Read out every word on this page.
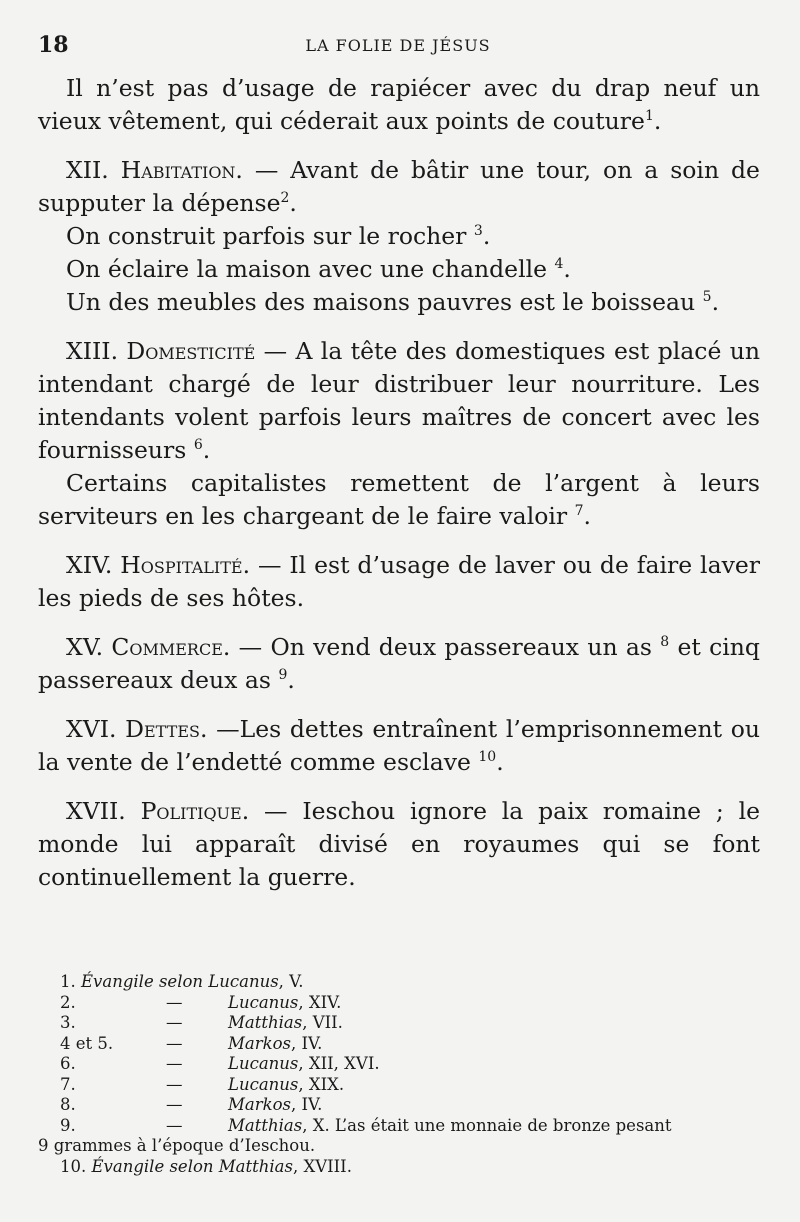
18	LA FOLIE DE JÉSUS

Il n’est pas d’usage de rapiécer avec du drap neuf un vieux vêtement, qui céderait aux points de couture$^1$.

XII. Habitation. — Avant de bâtir une tour, on a soin de supputer la dépense$^2$.

On construit parfois sur le rocher $^3$.

On éclaire la maison avec une chandelle $^4$.

Un des meubles des maisons pauvres est le boisseau $^5$.

XIII. Domesticité — A la tête des domestiques est placé un intendant chargé de leur distribuer leur nourriture. Les intendants volent parfois leurs maîtres de concert avec les fournisseurs $^6$.

Certains capitalistes remettent de l’argent à leurs serviteurs en les chargeant de le faire valoir $^7$.

XIV. Hospitalité. — Il est d’usage de laver ou de faire laver les pieds de ses hôtes.

XV. Commerce. — On vend deux passereaux un as $^8$ et cinq passereaux deux as $^9$.

XVI. Dettes. —Les dettes entraînent l’emprisonnement ou la vente de l’endetté comme esclave $^{10}$.

XVII. Politique. — Ieschou ignore la paix romaine ; le monde lui apparaît divisé en royaumes qui se font continuellement la guerre.

1. Évangile selon Lucanus, V.
2.	—	Lucanus, XIV.
3.	—	Matthias, VII.
4 et 5.	—	Markos, IV.
6.	—	Lucanus, XII, XVI.
7.	—	Lucanus, XIX.
8.	—	Markos, IV.
9.	—	Matthias, X. L’as était une monnaie de bronze pesant
9 grammes à l’époque d’Ieschou.
10. Évangile selon Matthias, XVIII.
